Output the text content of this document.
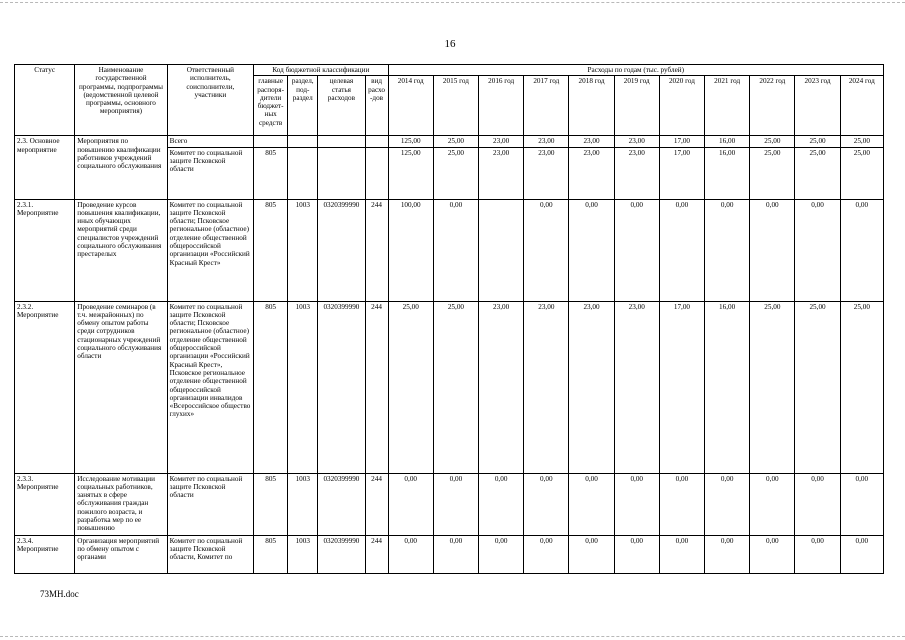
16
Статус	Наименование государственной программы, подпрограммы (ведомственной целевой программы, основного мероприятия)	Ответственный исполнитель, соисполнители, участники	Код бюджетной классификации				Расходы по годам (тыс. рублей)										
			главные распоря-дители бюджет-ных средств	раздел, под-раздел	целевая статья расходов	вид расхо-дов	2014 год	2015 год	2016 год	2017 год	2018 год	2019 год	2020 год	2021 год	2022 год	2023 год	2024 год
2.3. Основное мероприятие	Мероприятия по повышению квалификации работников учреждений социального обслуживания	Всего					125,00	25,00	23,00	23,00	23,00	23,00	17,00	16,00	25,00	25,00	25,00
		Комитет по социальной защите Псковской области	805				125,00	25,00	23,00	23,00	23,00	23,00	17,00	16,00	25,00	25,00	25,00
2.3.1. Мероприятие	Проведение курсов повышения квалификации, иных обучающих мероприятий среди специалистов учреждений социального обслуживания престарелых	Комитет по социальной защите Псковской области; Псковское региональное (областное) отделение общественной общероссийской организации «Российский Красный Крест»	805	1003	0320399990	244	100,00	0,00		0,00	0,00	0,00	0,00	0,00	0,00	0,00	0,00
2.3.2. Мероприятие	Проведение семинаров (в т.ч. межрайонных) по обмену опытом работы среди сотрудников стационарных учреждений социального обслуживания области	Комитет по социальной защите Псковской области; Псковское региональное (областное) отделение общественной общероссийской организации «Российский Красный Крест», Псковское региональное отделение общественной общероссийской организации инвалидов «Всероссийское общество глухих»	805	1003	0320399990	244	25,00	25,00	23,00	23,00	23,00	23,00	17,00	16,00	25,00	25,00	25,00
2.3.3. Мероприятие	Исследование мотивации социальных работников, занятых в сфере обслуживания граждан пожилого возраста, и разработка мер по ее повышению	Комитет по социальной защите Псковской области	805	1003	0320399990	244	0,00	0,00	0,00	0,00	0,00	0,00	0,00	0,00	0,00	0,00	0,00
2.3.4. Мероприятие	Организация мероприятий по обмену опытом с органами	Комитет по социальной защите Псковской области, Комитет по	805	1003	0320399990	244	0,00	0,00	0,00	0,00	0,00	0,00	0,00	0,00	0,00	0,00	0,00
73МН.doc
